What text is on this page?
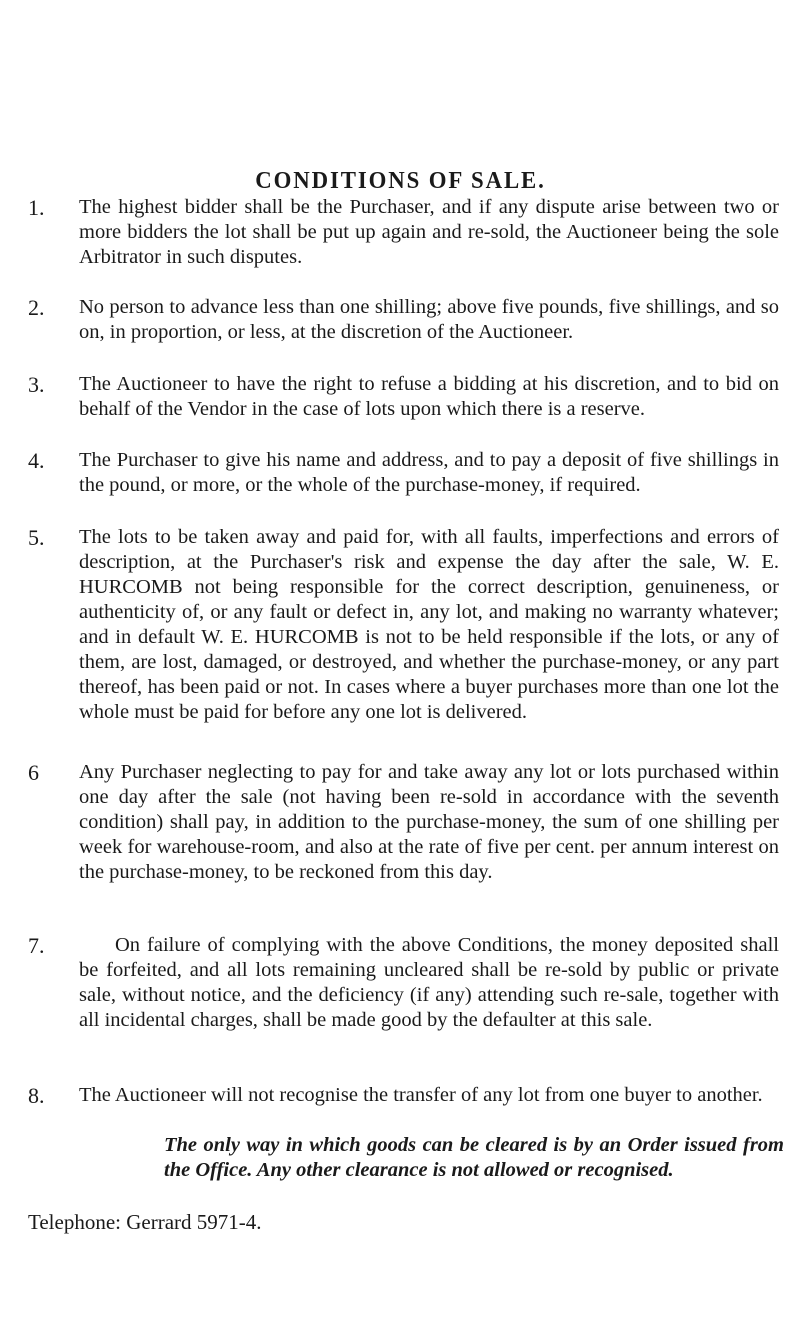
CONDITIONS OF SALE.
1. The highest bidder shall be the Purchaser, and if any dispute arise between two or more bidders the lot shall be put up again and re-sold, the Auctioneer being the sole Arbitrator in such disputes.
2. No person to advance less than one shilling; above five pounds, five shillings, and so on, in proportion, or less, at the discretion of the Auctioneer.
3. The Auctioneer to have the right to refuse a bidding at his discretion, and to bid on behalf of the Vendor in the case of lots upon which there is a reserve.
4. The Purchaser to give his name and address, and to pay a deposit of five shillings in the pound, or more, or the whole of the purchase-money, if required.
5. The lots to be taken away and paid for, with all faults, imperfections and errors of description, at the Purchaser's risk and expense the day after the sale, W. E. HURCOMB not being responsible for the correct description, genuineness, or authenticity of, or any fault or defect in, any lot, and making no warranty whatever; and in default W. E. HURCOMB is not to be held responsible if the lots, or any of them, are lost, damaged, or destroyed, and whether the purchase-money, or any part thereof, has been paid or not. In cases where a buyer purchases more than one lot the whole must be paid for before any one lot is delivered.
6 Any Purchaser neglecting to pay for and take away any lot or lots purchased within one day after the sale (not having been re-sold in accordance with the seventh condition) shall pay, in addition to the purchase-money, the sum of one shilling per week for warehouse-room, and also at the rate of five per cent. per annum interest on the purchase-money, to be reckoned from this day.
7.	On failure of complying with the above Conditions, the money deposited shall be forfeited, and all lots remaining uncleared shall be re-sold by public or private sale, without notice, and the deficiency (if any) attending such re-sale, together with all incidental charges, shall be made good by the defaulter at this sale.
8. The Auctioneer will not recognise the transfer of any lot from one buyer to another.
The only way in which goods can be cleared is by an Order issued from the Office. Any other clearance is not allowed or recognised.
Telephone: Gerrard 5971-4.
